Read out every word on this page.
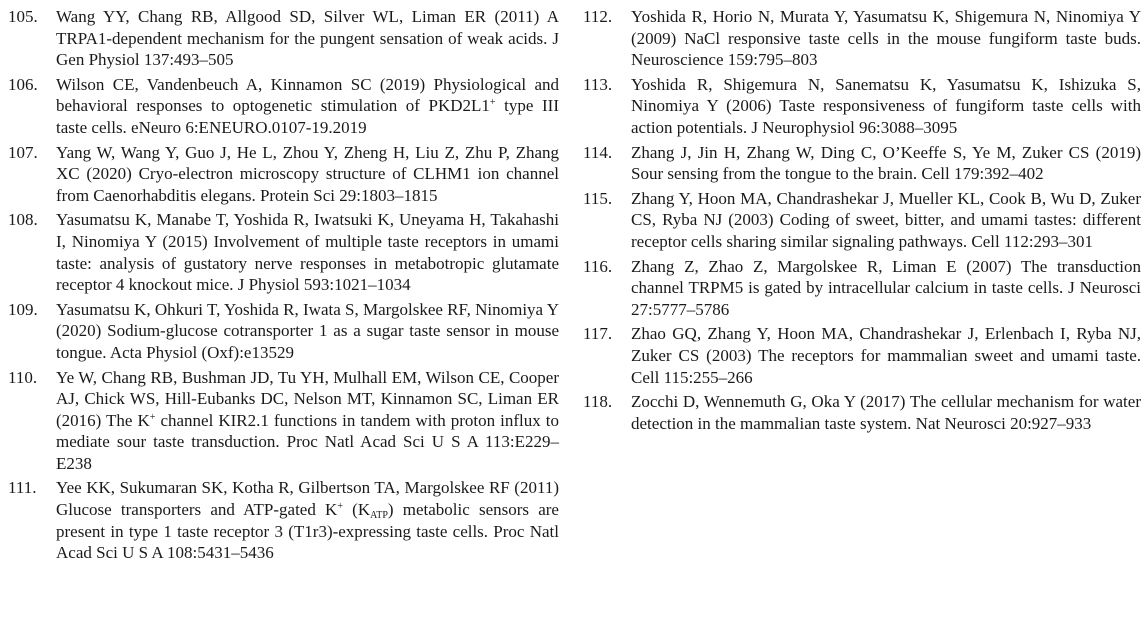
105.	Wang YY, Chang RB, Allgood SD, Silver WL, Liman ER (2011) A TRPA1-dependent mechanism for the pungent sensation of weak acids. J Gen Physiol 137:493–505
106.	Wilson CE, Vandenbeuch A, Kinnamon SC (2019) Physiological and behavioral responses to optogenetic stimulation of PKD2L1+ type III taste cells. eNeuro 6:ENEURO.0107-19.2019
107.	Yang W, Wang Y, Guo J, He L, Zhou Y, Zheng H, Liu Z, Zhu P, Zhang XC (2020) Cryo-electron microscopy structure of CLHM1 ion channel from Caenorhabditis elegans. Protein Sci 29:1803–1815
108.	Yasumatsu K, Manabe T, Yoshida R, Iwatsuki K, Uneyama H, Takahashi I, Ninomiya Y (2015) Involvement of multiple taste receptors in umami taste: analysis of gustatory nerve responses in metabotropic glutamate receptor 4 knockout mice. J Physiol 593:1021–1034
109.	Yasumatsu K, Ohkuri T, Yoshida R, Iwata S, Margolskee RF, Ninomiya Y (2020) Sodium-glucose cotransporter 1 as a sugar taste sensor in mouse tongue. Acta Physiol (Oxf):e13529
110.	Ye W, Chang RB, Bushman JD, Tu YH, Mulhall EM, Wilson CE, Cooper AJ, Chick WS, Hill-Eubanks DC, Nelson MT, Kinnamon SC, Liman ER (2016) The K+ channel KIR2.1 functions in tandem with proton influx to mediate sour taste transduction. Proc Natl Acad Sci U S A 113:E229–E238
111.	Yee KK, Sukumaran SK, Kotha R, Gilbertson TA, Margolskee RF (2011) Glucose transporters and ATP-gated K+ $(K_{ATP})$ metabolic sensors are present in type 1 taste receptor 3 (T1r3)-expressing taste cells. Proc Natl Acad Sci U S A 108:5431–5436
112.	Yoshida R, Horio N, Murata Y, Yasumatsu K, Shigemura N, Ninomiya Y (2009) NaCl responsive taste cells in the mouse fungiform taste buds. Neuroscience 159:795–803
113.	Yoshida R, Shigemura N, Sanematsu K, Yasumatsu K, Ishizuka S, Ninomiya Y (2006) Taste responsiveness of fungiform taste cells with action potentials. J Neurophysiol 96:3088–3095
114.	Zhang J, Jin H, Zhang W, Ding C, O’Keeffe S, Ye M, Zuker CS (2019) Sour sensing from the tongue to the brain. Cell 179:392–402
115.	Zhang Y, Hoon MA, Chandrashekar J, Mueller KL, Cook B, Wu D, Zuker CS, Ryba NJ (2003) Coding of sweet, bitter, and umami tastes: different receptor cells sharing similar signaling pathways. Cell 112:293–301
116.	Zhang Z, Zhao Z, Margolskee R, Liman E (2007) The transduction channel TRPM5 is gated by intracellular calcium in taste cells. J Neurosci 27:5777–5786
117.	Zhao GQ, Zhang Y, Hoon MA, Chandrashekar J, Erlenbach I, Ryba NJ, Zuker CS (2003) The receptors for mammalian sweet and umami taste. Cell 115:255–266
118.	Zocchi D, Wennemuth G, Oka Y (2017) The cellular mechanism for water detection in the mammalian taste system. Nat Neurosci 20:927–933
